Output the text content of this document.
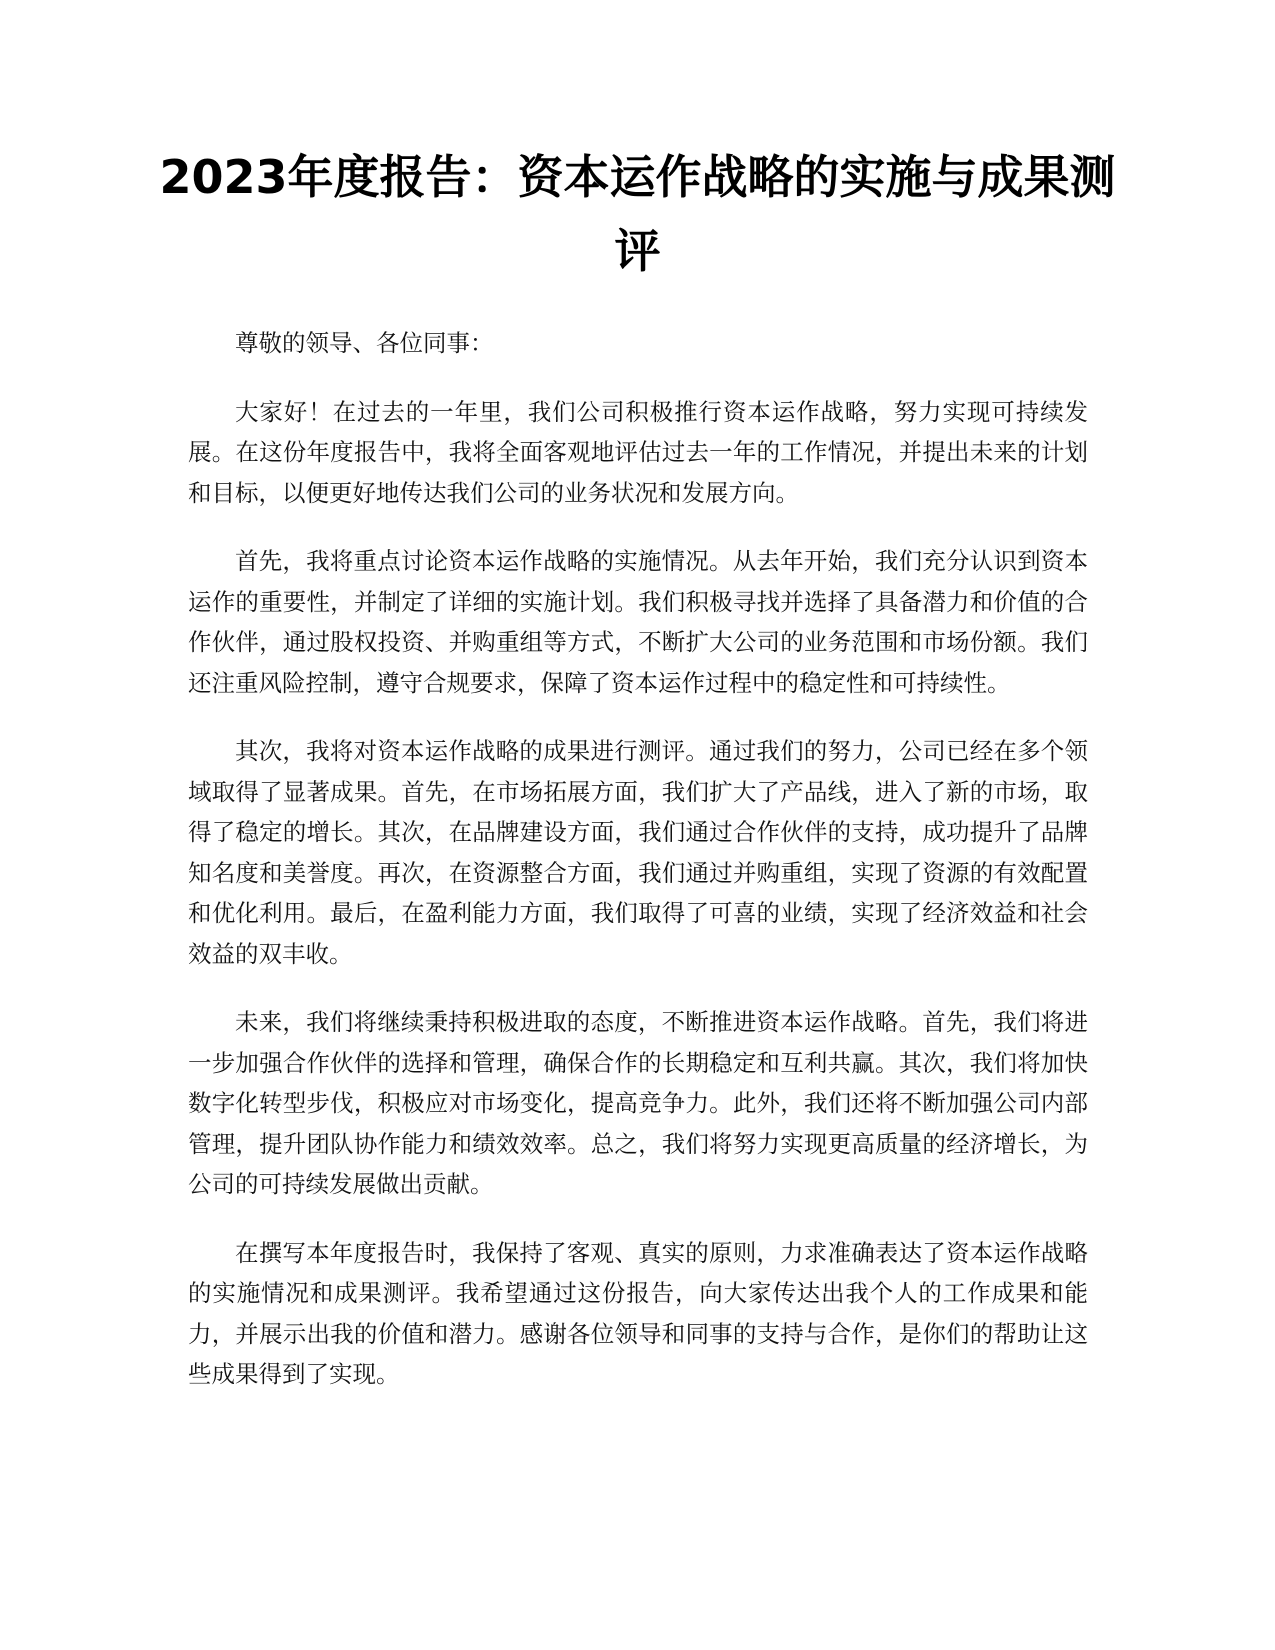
2023年度报告：资本运作战略的实施与成果测评

尊敬的领导、各位同事：

大家好！在过去的一年里，我们公司积极推行资本运作战略，努力实现可持续发展。在这份年度报告中，我将全面客观地评估过去一年的工作情况，并提出未来的计划和目标，以便更好地传达我们公司的业务状况和发展方向。

首先，我将重点讨论资本运作战略的实施情况。从去年开始，我们充分认识到资本运作的重要性，并制定了详细的实施计划。我们积极寻找并选择了具备潜力和价值的合作伙伴，通过股权投资、并购重组等方式，不断扩大公司的业务范围和市场份额。我们还注重风险控制，遵守合规要求，保障了资本运作过程中的稳定性和可持续性。

其次，我将对资本运作战略的成果进行测评。通过我们的努力，公司已经在多个领域取得了显著成果。首先，在市场拓展方面，我们扩大了产品线，进入了新的市场，取得了稳定的增长。其次，在品牌建设方面，我们通过合作伙伴的支持，成功提升了品牌知名度和美誉度。再次，在资源整合方面，我们通过并购重组，实现了资源的有效配置和优化利用。最后，在盈利能力方面，我们取得了可喜的业绩，实现了经济效益和社会效益的双丰收。

未来，我们将继续秉持积极进取的态度，不断推进资本运作战略。首先，我们将进一步加强合作伙伴的选择和管理，确保合作的长期稳定和互利共赢。其次，我们将加快数字化转型步伐，积极应对市场变化，提高竞争力。此外，我们还将不断加强公司内部管理，提升团队协作能力和绩效效率。总之，我们将努力实现更高质量的经济增长，为公司的可持续发展做出贡献。

在撰写本年度报告时，我保持了客观、真实的原则，力求准确表达了资本运作战略的实施情况和成果测评。我希望通过这份报告，向大家传达出我个人的工作成果和能力，并展示出我的价值和潜力。感谢各位领导和同事的支持与合作，是你们的帮助让这些成果得到了实现。
